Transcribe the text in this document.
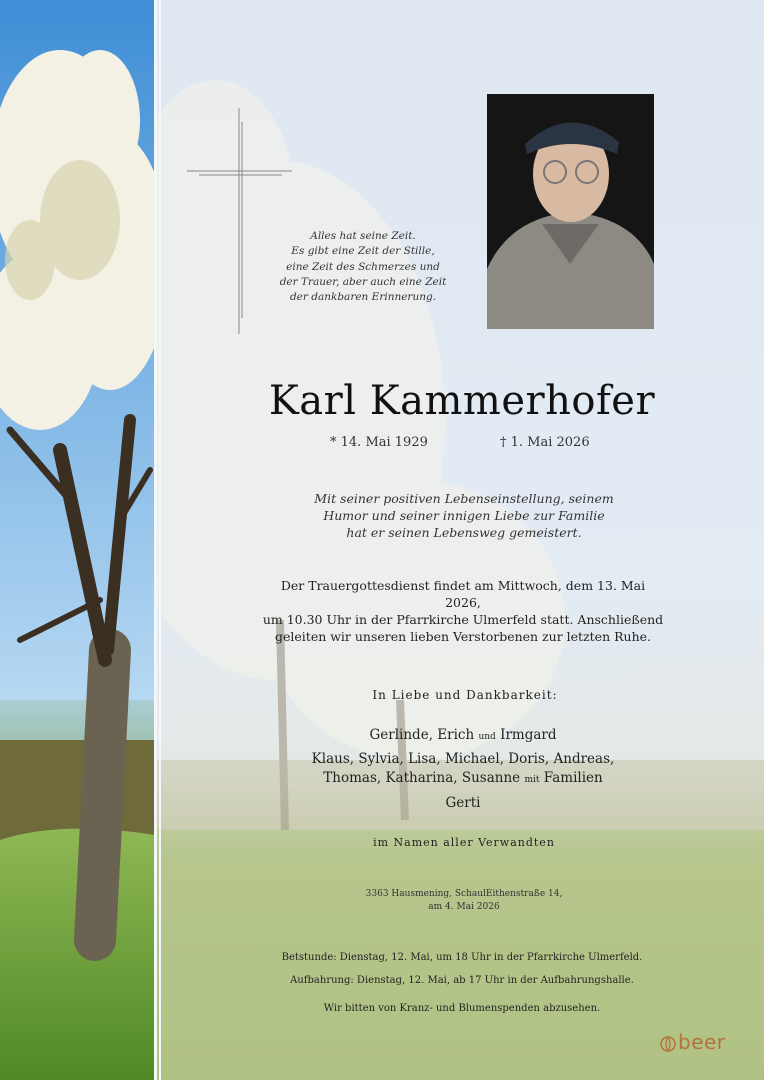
Alles hat seine Zeit.
Es gibt eine Zeit der Stille,
eine Zeit des Schmerzes und
der Trauer, aber auch eine Zeit
der dankbaren Erinnerung.

Karl Kammerhofer

* 14. Mai 1929	† 1. Mai 2026

Mit seiner positiven Lebenseinstellung, seinem
Humor und seiner innigen Liebe zur Familie
hat er seinen Lebensweg gemeistert.

Der Trauergottesdienst findet am Mittwoch, dem 13. Mai 2026,
um 10.30 Uhr in der Pfarrkirche Ulmerfeld statt. Anschließend
geleiten wir unseren lieben Verstorbenen zur letzten Ruhe.

In Liebe und Dankbarkeit:

Gerlinde, Erich und Irmgard

Klaus, Sylvia, Lisa, Michael, Doris, Andreas,

Thomas, Katharina, Susanne mit Familien

Gerti

im Namen aller Verwandten

3363 Hausmening, SchaulEithenstraße 14,
am 4. Mai 2026

Betstunde: Dienstag, 12. Mai, um 18 Uhr in der Pfarrkirche Ulmerfeld.

Aufbahrung: Dienstag, 12. Mai, ab 17 Uhr in der Aufbahrungshalle.

Wir bitten von Kranz- und Blumenspenden abzusehen.

beer
